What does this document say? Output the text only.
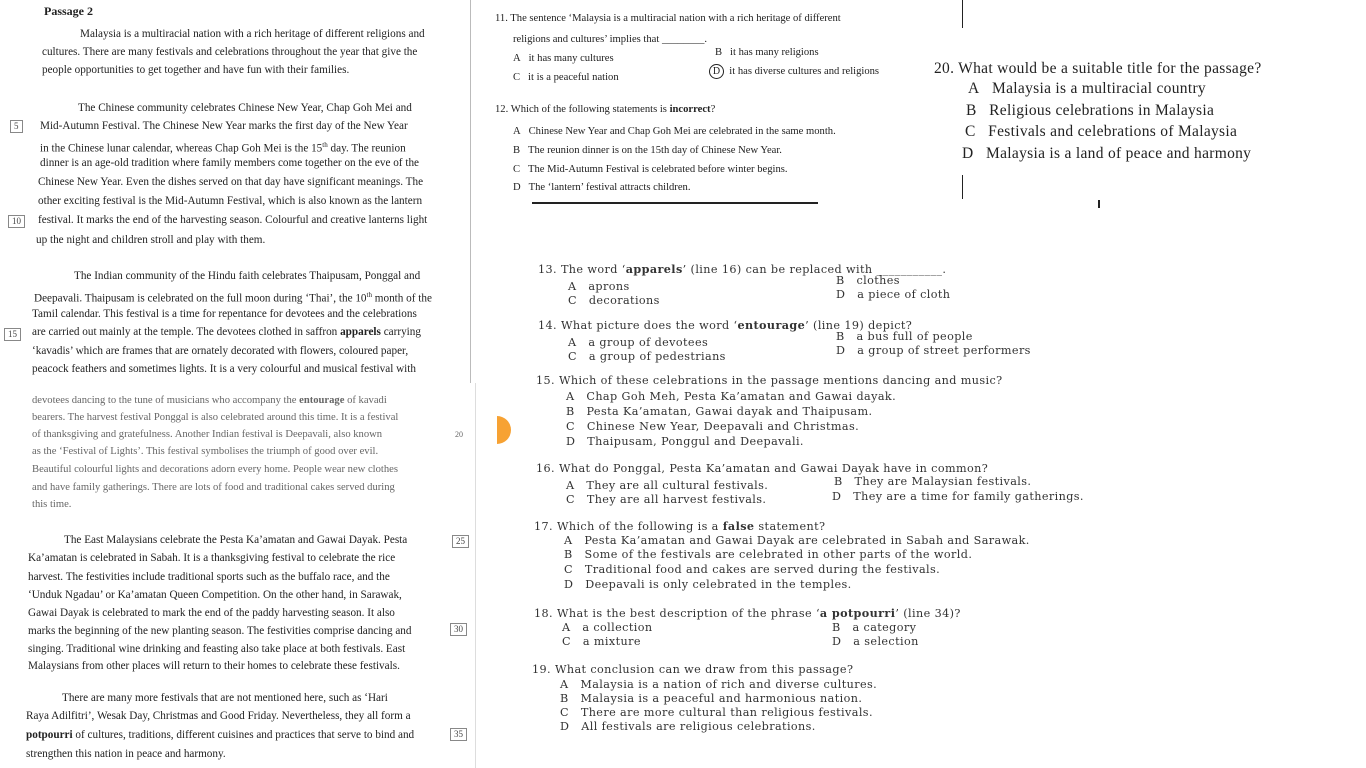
Passage 2
Malaysia is a multiracial nation with a rich heritage of different religions and
cultures. There are many festivals and celebrations throughout the year that give the
people opportunities to get together and have fun with their families.
The Chinese community celebrates Chinese New Year, Chap Goh Mei and
5	Mid-Autumn Festival. The Chinese New Year marks the first day of the New Year
in the Chinese lunar calendar, whereas Chap Goh Mei is the 15th day. The reunion
dinner is an age-old tradition where family members come together on the eve of the
Chinese New Year. Even the dishes served on that day have significant meanings. The
other exciting festival is the Mid-Autumn Festival, which is also known as the lantern
10	festival. It marks the end of the harvesting season. Colourful and creative lanterns light
up the night and children stroll and play with them.
The Indian community of the Hindu faith celebrates Thaipusam, Ponggal and
Deepavali. Thaipusam is celebrated on the full moon during ‘Thai’, the 10th month of the
Tamil calendar. This festival is a time for repentance for devotees and the celebrations
15	are carried out mainly at the temple. The devotees clothed in saffron apparels carrying
‘kavadis’ which are frames that are ornately decorated with flowers, coloured paper,
peacock feathers and sometimes lights. It is a very colourful and musical festival with
devotees dancing to the tune of musicians who accompany the entourage of kavadi
bearers. The harvest festival Ponggal is also celebrated around this time. It is a festival
of thanksgiving and gratefulness. Another Indian festival is Deepavali, also known	20
as the ‘Festival of Lights’. This festival symbolises the triumph of good over evil.
Beautiful colourful lights and decorations adorn every home. People wear new clothes
and have family gatherings. There are lots of food and traditional cakes served during
this time.
The East Malaysians celebrate the Pesta Ka’amatan and Gawai Dayak. Pesta	25
Ka’amatan is celebrated in Sabah. It is a thanksgiving festival to celebrate the rice
harvest. The festivities include traditional sports such as the buffalo race, and the
‘Unduk Ngadau’ or Ka’amatan Queen Competition. On the other hand, in Sarawak,
Gawai Dayak is celebrated to mark the end of the paddy harvesting season. It also
30
marks the beginning of the new planting season. The festivities comprise dancing and
singing. Traditional wine drinking and feasting also take place at both festivals. East
Malaysians from other places will return to their homes to celebrate these festivals.
There are many more festivals that are not mentioned here, such as ‘Hari
Raya Adilfitri’, Wesak Day, Christmas and Good Friday. Nevertheless, they all form a
35
potpourri of cultures, traditions, different cuisines and practices that serve to bind and
strengthen this nation in peace and harmony.
11. The sentence ‘Malaysia is a multiracial nation with a rich heritage of different
religions and cultures’ implies that ________.
A it has many cultures
B it has many religions
C it is a peaceful nation
D it has diverse cultures and religions
12. Which of the following statements is incorrect?
A Chinese New Year and Chap Goh Mei are celebrated in the same month.
B The reunion dinner is on the 15th day of Chinese New Year.
C The Mid-Autumn Festival is celebrated before winter begins.
D The ‘lantern’ festival attracts children.
20. What would be a suitable title for the passage?
A Malaysia is a multiracial country
B Religious celebrations in Malaysia
C Festivals and celebrations of Malaysia
D Malaysia is a land of peace and harmony
13. The word ‘apparels’ (line 16) can be replaced with ___________.
A aprons	B clothes
C decorations	D a piece of cloth
14. What picture does the word ‘entourage’ (line 19) depict?
A a group of devotees	B a bus full of people
C a group of pedestrians	D a group of street performers
15. Which of these celebrations in the passage mentions dancing and music?
A Chap Goh Meh, Pesta Ka’amatan and Gawai dayak.
B Pesta Ka’amatan, Gawai dayak and Thaipusam.
C Chinese New Year, Deepavali and Christmas.
D Thaipusam, Ponggul and Deepavali.
16. What do Ponggal, Pesta Ka’amatan and Gawai Dayak have in common?
A They are all cultural festivals.	B They are Malaysian festivals.
C They are all harvest festivals.	D They are a time for family gatherings.
17. Which of the following is a false statement?
A Pesta Ka’amatan and Gawai Dayak are celebrated in Sabah and Sarawak.
B Some of the festivals are celebrated in other parts of the world.
C Traditional food and cakes are served during the festivals.
D Deepavali is only celebrated in the temples.
18. What is the best description of the phrase ‘a potpourri’ (line 34)?
A a collection	B a category
C a mixture	D a selection
19. What conclusion can we draw from this passage?
A Malaysia is a nation of rich and diverse cultures.
B Malaysia is a peaceful and harmonious nation.
C There are more cultural than religious festivals.
D All festivals are religious celebrations.
